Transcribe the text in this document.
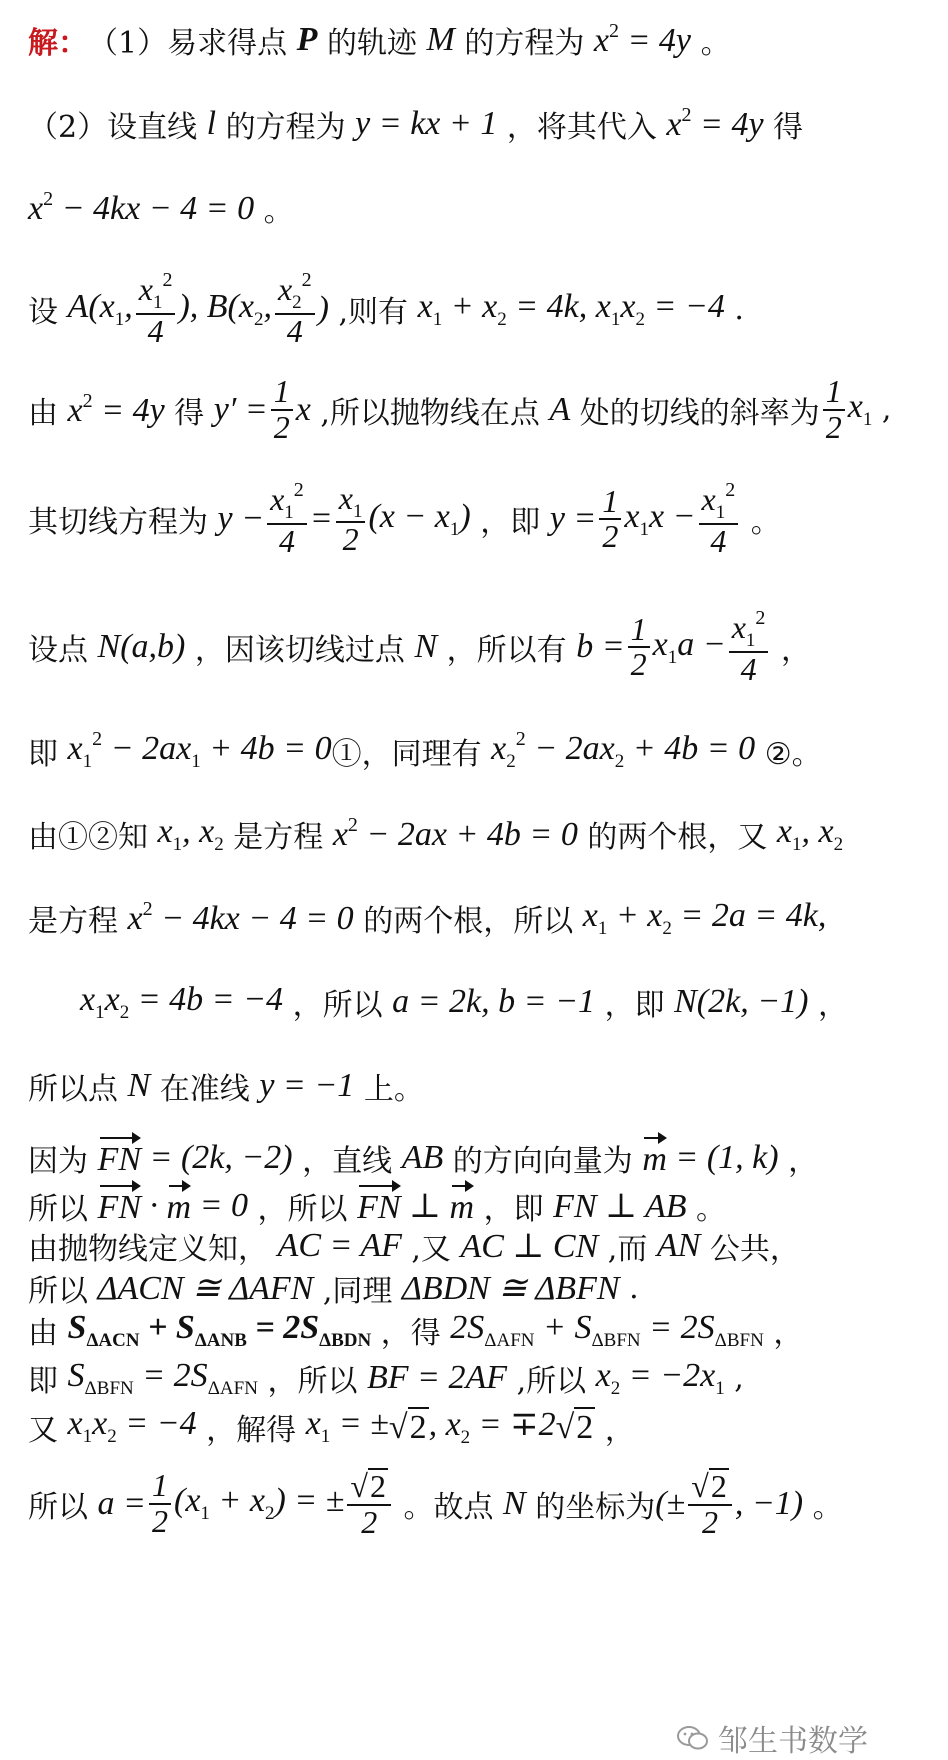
解： （1）易求得点 P 的轨迹 M 的方程为 $x^2 = 4y$ 。
（2）设直线 l 的方程为 y = kx + 1 ，将其代入 $x^2 = 4y$ 得
$x^2 - 4kx - 4 = 0$ 。
设 $A(x_1$, $\frac{x_1^2}{4}$ ), $B(x_2$, $\frac{x_2^2}{4}$ ) ,则有 $x_1 + x_2 = 4k$, $x_1x_2 = -4$ .
由 $x^2 = 4y$ 得 $y' = \frac{1}{2}$ x ,所以抛物线在点 A 处的切线的斜率为 $\frac{1}{2} x_1$ ,
其切线方程为 $y - \frac{x_1^2}{4} = \frac{x_1}{2} (x - x_1)$ ，即 $y = \frac{1}{2} x_1x - \frac{x_1^2}{4}$ 。
设点 N(a,b) ，因该切线过点 N ，所以有 $b = \frac{1}{2} x_1a - \frac{x_1^2}{4}$ ，
即 $x_1^2 - 2ax_1 + 4b = 0$ ①，同理有 $x_2^2 - 2ax_2 + 4b = 0$ ②。
由①②知 $x_1$, $x_2$ 是方程 $x^2 - 2ax + 4b = 0$ 的两个根，又 $x_1$, $x_2$
是方程 $x^2 - 4kx - 4 = 0$ 的两个根，所以 $x_1 + x_2 = 2a = 4k$,
$x_1x_2 = 4b = -4$ ，所以 a = 2k, b = −1 ，即 N(2k, −1) ，
所以点 N 在准线 y = −1 上。
因为 FN = (2k, −2) ，直线 AB 的方向向量为 m = (1, k) ，
所以 FN · m = 0 ，所以 FN ⊥ m ，即 FN ⊥ AB 。
由抛物线定义知， AC = AF ,又 AC ⊥ CN ,而 AN 公共，
所以 ΔACN ≅ ΔAFN ,同理 ΔBDN ≅ ΔBFN .
由 $S_{\Delta ACN} + S_{\Delta ANB} = 2S_{\Delta BDN}$ ，得 $2S_{\Delta AFN} + S_{\Delta BFN} = 2S_{\Delta BFN}$ ，
即 $S_{\Delta BFN} = 2S_{\Delta AFN}$ ，所以 BF = 2AF ,所以 $x_2 = -2x_1$ ,
又 $x_1x_2 = -4$ ，解得 $x_1$ = ± √ 2 , $x_2 = \mp 2$ √ 2 ，
所以 $a = \frac{1}{2} (x_1 + x_2)$ = ± $\frac{√ 2}{2}$ 。故点 N 的坐标为 (± $\frac{√ 2}{2}$ , −1) 。
邹生书数学
